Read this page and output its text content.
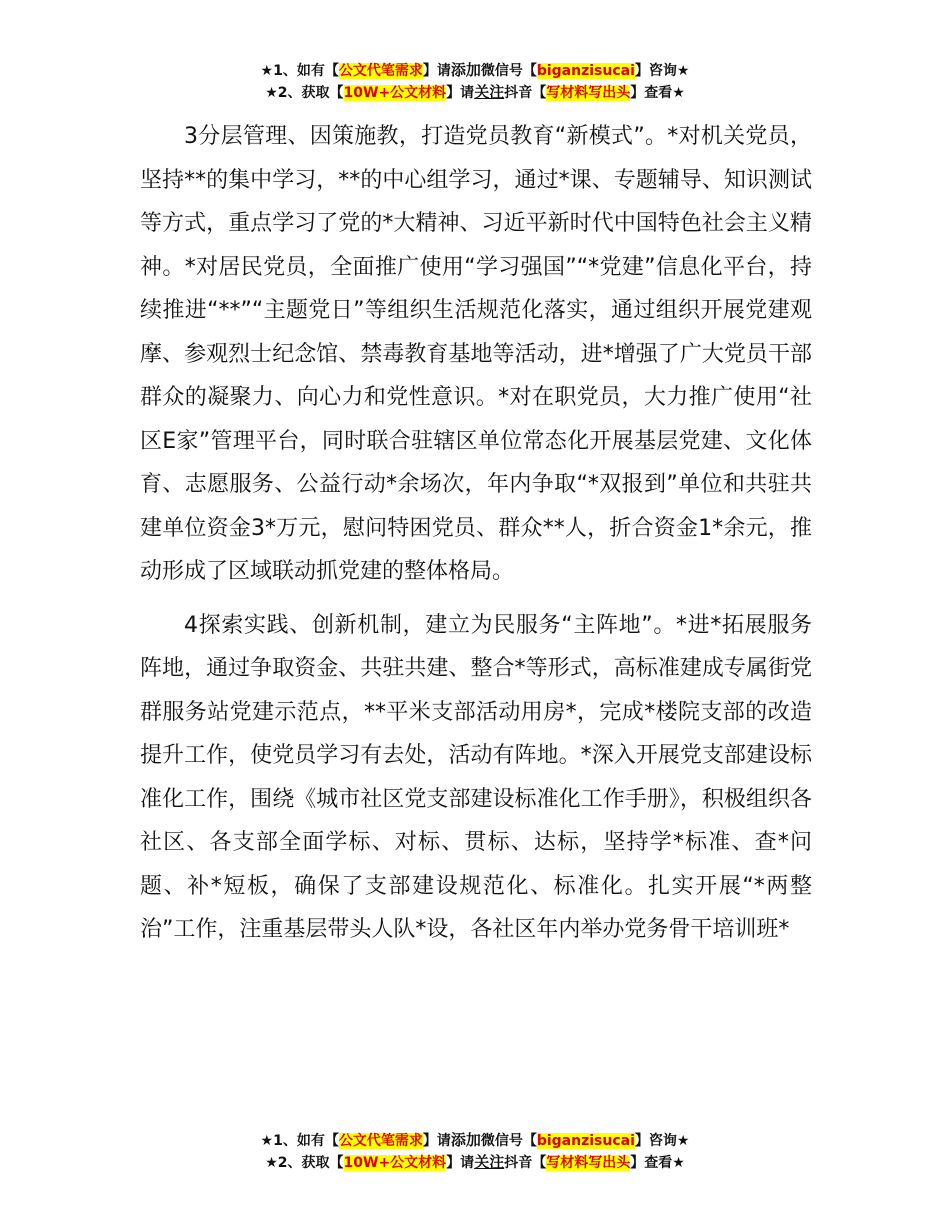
★1、如有【公文代笔需求】请添加微信号【biganzisucai】咨询★
★2、获取【10W+公文材料】请关注抖音【写材料写出头】查看★

3分层管理、因策施教，打造党员教育“新模式”。*对机关党员，坚持**的集中学习，**的中心组学习，通过*课、专题辅导、知识测试等方式，重点学习了党的*大精神、习近平新时代中国特色社会主义精神。*对居民党员，全面推广使用“学习强国”“*党建”信息化平台，持续推进“**”“主题党日”等组织生活规范化落实，通过组织开展党建观摩、参观烈士纪念馆、禁毒教育基地等活动，进*增强了广大党员干部群众的凝聚力、向心力和党性意识。*对在职党员，大力推广使用“社区E家”管理平台，同时联合驻辖区单位常态化开展基层党建、文化体育、志愿服务、公益行动*余场次，年内争取“*双报到”单位和共驻共建单位资金3*万元，慰问特困党员、群众**人，折合资金1*余元，推动形成了区域联动抓党建的整体格局。

4探索实践、创新机制，建立为民服务“主阵地”。*进*拓展服务阵地，通过争取资金、共驻共建、整合*等形式，高标准建成专属街党群服务站党建示范点，**平米支部活动用房*，完成*楼院支部的改造提升工作，使党员学习有去处，活动有阵地。*深入开展党支部建设标准化工作，围绕《城市社区党支部建设标准化工作手册》，积极组织各社区、各支部全面学标、对标、贯标、达标，坚持学*标准、查*问题、补*短板，确保了支部建设规范化、标准化。扎实开展“*两整治”工作，注重基层带头人队*设，各社区年内举办党务骨干培训班*

★1、如有【公文代笔需求】请添加微信号【biganzisucai】咨询★
★2、获取【10W+公文材料】请关注抖音【写材料写出头】查看★
